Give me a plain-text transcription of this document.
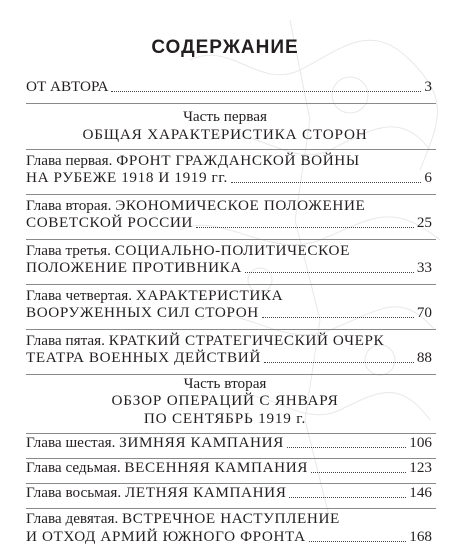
СОДЕРЖАНИЕ
ОТ АВТОРА	3
Часть первая
ОБЩАЯ ХАРАКТЕРИСТИКА СТОРОН
Глава первая.
ФРОНТ ГРАЖДАНСКОЙ ВОЙНЫ
НА РУБЕЖЕ 1918 И 1919 гг.	6
Глава вторая.
ЭКОНОМИЧЕСКОЕ ПОЛОЖЕНИЕ
СОВЕТСКОЙ РОССИИ	25
Глава третья.
СОЦИАЛЬНО-ПОЛИТИЧЕСКОЕ
ПОЛОЖЕНИЕ ПРОТИВНИКА	33
Глава четвертая.
ХАРАКТЕРИСТИКА
ВООРУЖЕННЫХ СИЛ СТОРОН	70
Глава пятая.
КРАТКИЙ СТРАТЕГИЧЕСКИЙ ОЧЕРК
ТЕАТРА ВОЕННЫХ ДЕЙСТВИЙ	88
Часть вторая
ОБЗОР ОПЕРАЦИЙ С ЯНВАРЯ
ПО СЕНТЯБРЬ 1919 г.
Глава шестая.
ЗИМНЯЯ КАМПАНИЯ	106
Глава седьмая.
ВЕСЕННЯЯ КАМПАНИЯ	123
Глава восьмая.
ЛЕТНЯЯ КАМПАНИЯ	146
Глава девятая.
ВСТРЕЧНОЕ НАСТУПЛЕНИЕ
И ОТХОД АРМИЙ ЮЖНОГО ФРОНТА	168
